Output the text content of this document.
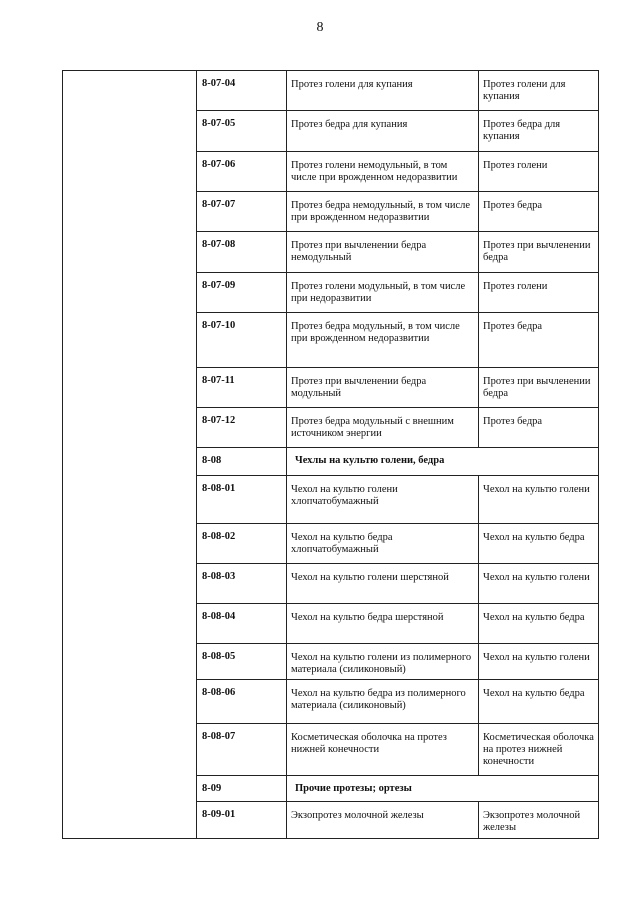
8
	8-07-04	Протез голени для купания	Протез голени для купания
	8-07-05	Протез бедра для купания	Протез бедра для купания
	8-07-06	Протез голени немодульный, в том числе при врожденном недоразвитии	Протез голени
	8-07-07	Протез бедра немодульный, в том числе при врожденном недоразвитии	Протез бедра
	8-07-08	Протез при вычленении бедра немодульный	Протез при вычленении бедра
	8-07-09	Протез голени модульный, в том числе при недоразвитии	Протез голени
	8-07-10	Протез бедра модульный, в том числе при врожденном недоразвитии	Протез бедра
	8-07-11	Протез при вычленении бедра модульный	Протез при вычленении бедра
	8-07-12	Протез бедра модульный с внешним источником энергии	Протез бедра
	8-08	Чехлы на культю голени, бедра	
	8-08-01	Чехол на культю голени хлопчатобумажный	Чехол на культю голени
	8-08-02	Чехол на культю бедра хлопчатобумажный	Чехол на культю бедра
	8-08-03	Чехол на культю голени шерстяной	Чехол на культю голени
	8-08-04	Чехол на культю бедра шерстяной	Чехол на культю бедра
	8-08-05	Чехол на культю голени из полимерного материала (силиконовый)	Чехол на культю голени
	8-08-06	Чехол на культю бедра из полимерного материала (силиконовый)	Чехол на культю бедра
	8-08-07	Косметическая оболочка на протез нижней конечности	Косметическая оболочка на протез нижней конечности
	8-09	Прочие протезы; ортезы	
	8-09-01	Экзопротез молочной железы	Экзопротез молочной железы
